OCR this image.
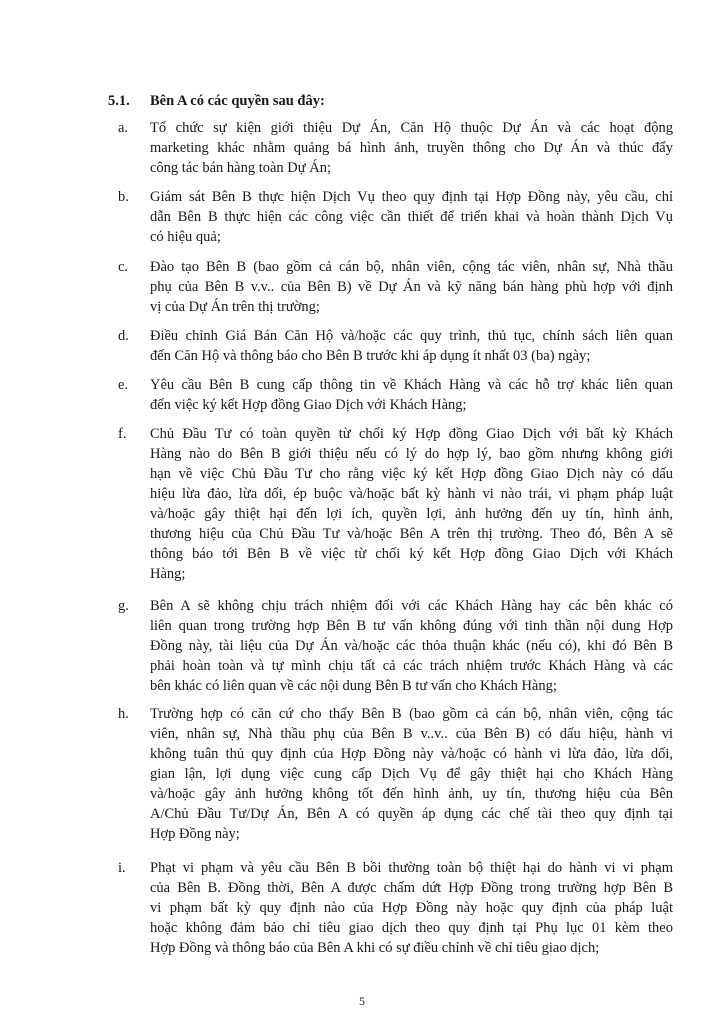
5.1. Bên A có các quyền sau đây:
a.	Tổ chức sự kiện giới thiệu Dự Án, Căn Hộ thuộc Dự Án và các hoạt động
marketing khác nhằm quảng bá hình ảnh, truyền thông cho Dự Án và thúc đẩy
công tác bán hàng toàn Dự Án;
b.	Giám sát Bên B thực hiện Dịch Vụ theo quy định tại Hợp Đồng này, yêu cầu, chỉ
dẫn Bên B thực hiện các công việc cần thiết để triển khai và hoàn thành Dịch Vụ
có hiệu quả;
c.	Đào tạo Bên B (bao gồm cả cán bộ, nhân viên, cộng tác viên, nhân sự, Nhà thầu
phụ của Bên B v.v.. của Bên B) về Dự Án và kỹ năng bán hàng phù hợp với định
vị của Dự Án trên thị trường;
d.	Điều chỉnh Giá Bán Căn Hộ và/hoặc các quy trình, thủ tục, chính sách liên quan
đến Căn Hộ và thông báo cho Bên B trước khi áp dụng ít nhất 03 (ba) ngày;
e.	Yêu cầu Bên B cung cấp thông tin về Khách Hàng và các hỗ trợ khác liên quan
đến việc ký kết Hợp đồng Giao Dịch với Khách Hàng;
f.	Chủ Đầu Tư có toàn quyền từ chối ký Hợp đồng Giao Dịch với bất kỳ Khách
Hàng nào do Bên B giới thiệu nếu có lý do hợp lý, bao gồm nhưng không giới
hạn về việc Chủ Đầu Tư cho rằng việc ký kết Hợp đồng Giao Dịch này có dấu
hiệu lừa đảo, lừa dối, ép buộc và/hoặc bất kỳ hành vi nào trái, vi phạm pháp luật
và/hoặc gây thiệt hại đến lợi ích, quyền lợi, ảnh hưởng đến uy tín, hình ảnh,
thương hiệu của Chủ Đầu Tư và/hoặc Bên A trên thị trường. Theo đó, Bên A sẽ
thông báo tới Bên B về việc từ chối ký kết Hợp đồng Giao Dịch với Khách
Hàng;
g.	Bên A sẽ không chịu trách nhiệm đối với các Khách Hàng hay các bên khác có
liên quan trong trường hợp Bên B tư vấn không đúng với tinh thần nội dung Hợp
Đồng này, tài liệu của Dự Án và/hoặc các thỏa thuận khác (nếu có), khi đó Bên B
phải hoàn toàn và tự mình chịu tất cả các trách nhiệm trước Khách Hàng và các
bên khác có liên quan về các nội dung Bên B tư vấn cho Khách Hàng;
h.	Trường hợp có căn cứ cho thấy Bên B (bao gồm cả cán bộ, nhân viên, cộng tác
viên, nhân sự, Nhà thầu phụ của Bên B v..v.. của Bên B) có dấu hiệu, hành vi
không tuân thủ quy định của Hợp Đồng này và/hoặc có hành vi lừa đảo, lừa dối,
gian lận, lợi dụng việc cung cấp Dịch Vụ để gây thiệt hại cho Khách Hàng
và/hoặc gây ảnh hưởng không tốt đến hình ảnh, uy tín, thương hiệu của Bên
A/Chủ Đầu Tư/Dự Án, Bên A có quyền áp dụng các chế tài theo quy định tại
Hợp Đồng này;
i.	Phạt vi phạm và yêu cầu Bên B bồi thường toàn bộ thiệt hại do hành vi vi phạm
của Bên B. Đồng thời, Bên A được chấm dứt Hợp Đồng trong trường hợp Bên B
vi phạm bất kỳ quy định nào của Hợp Đồng này hoặc quy định của pháp luật
hoặc không đảm bảo chỉ tiêu giao dịch theo quy định tại Phụ lục 01 kèm theo
Hợp Đồng và thông báo của Bên A khi có sự điều chỉnh về chỉ tiêu giao dịch;
5
